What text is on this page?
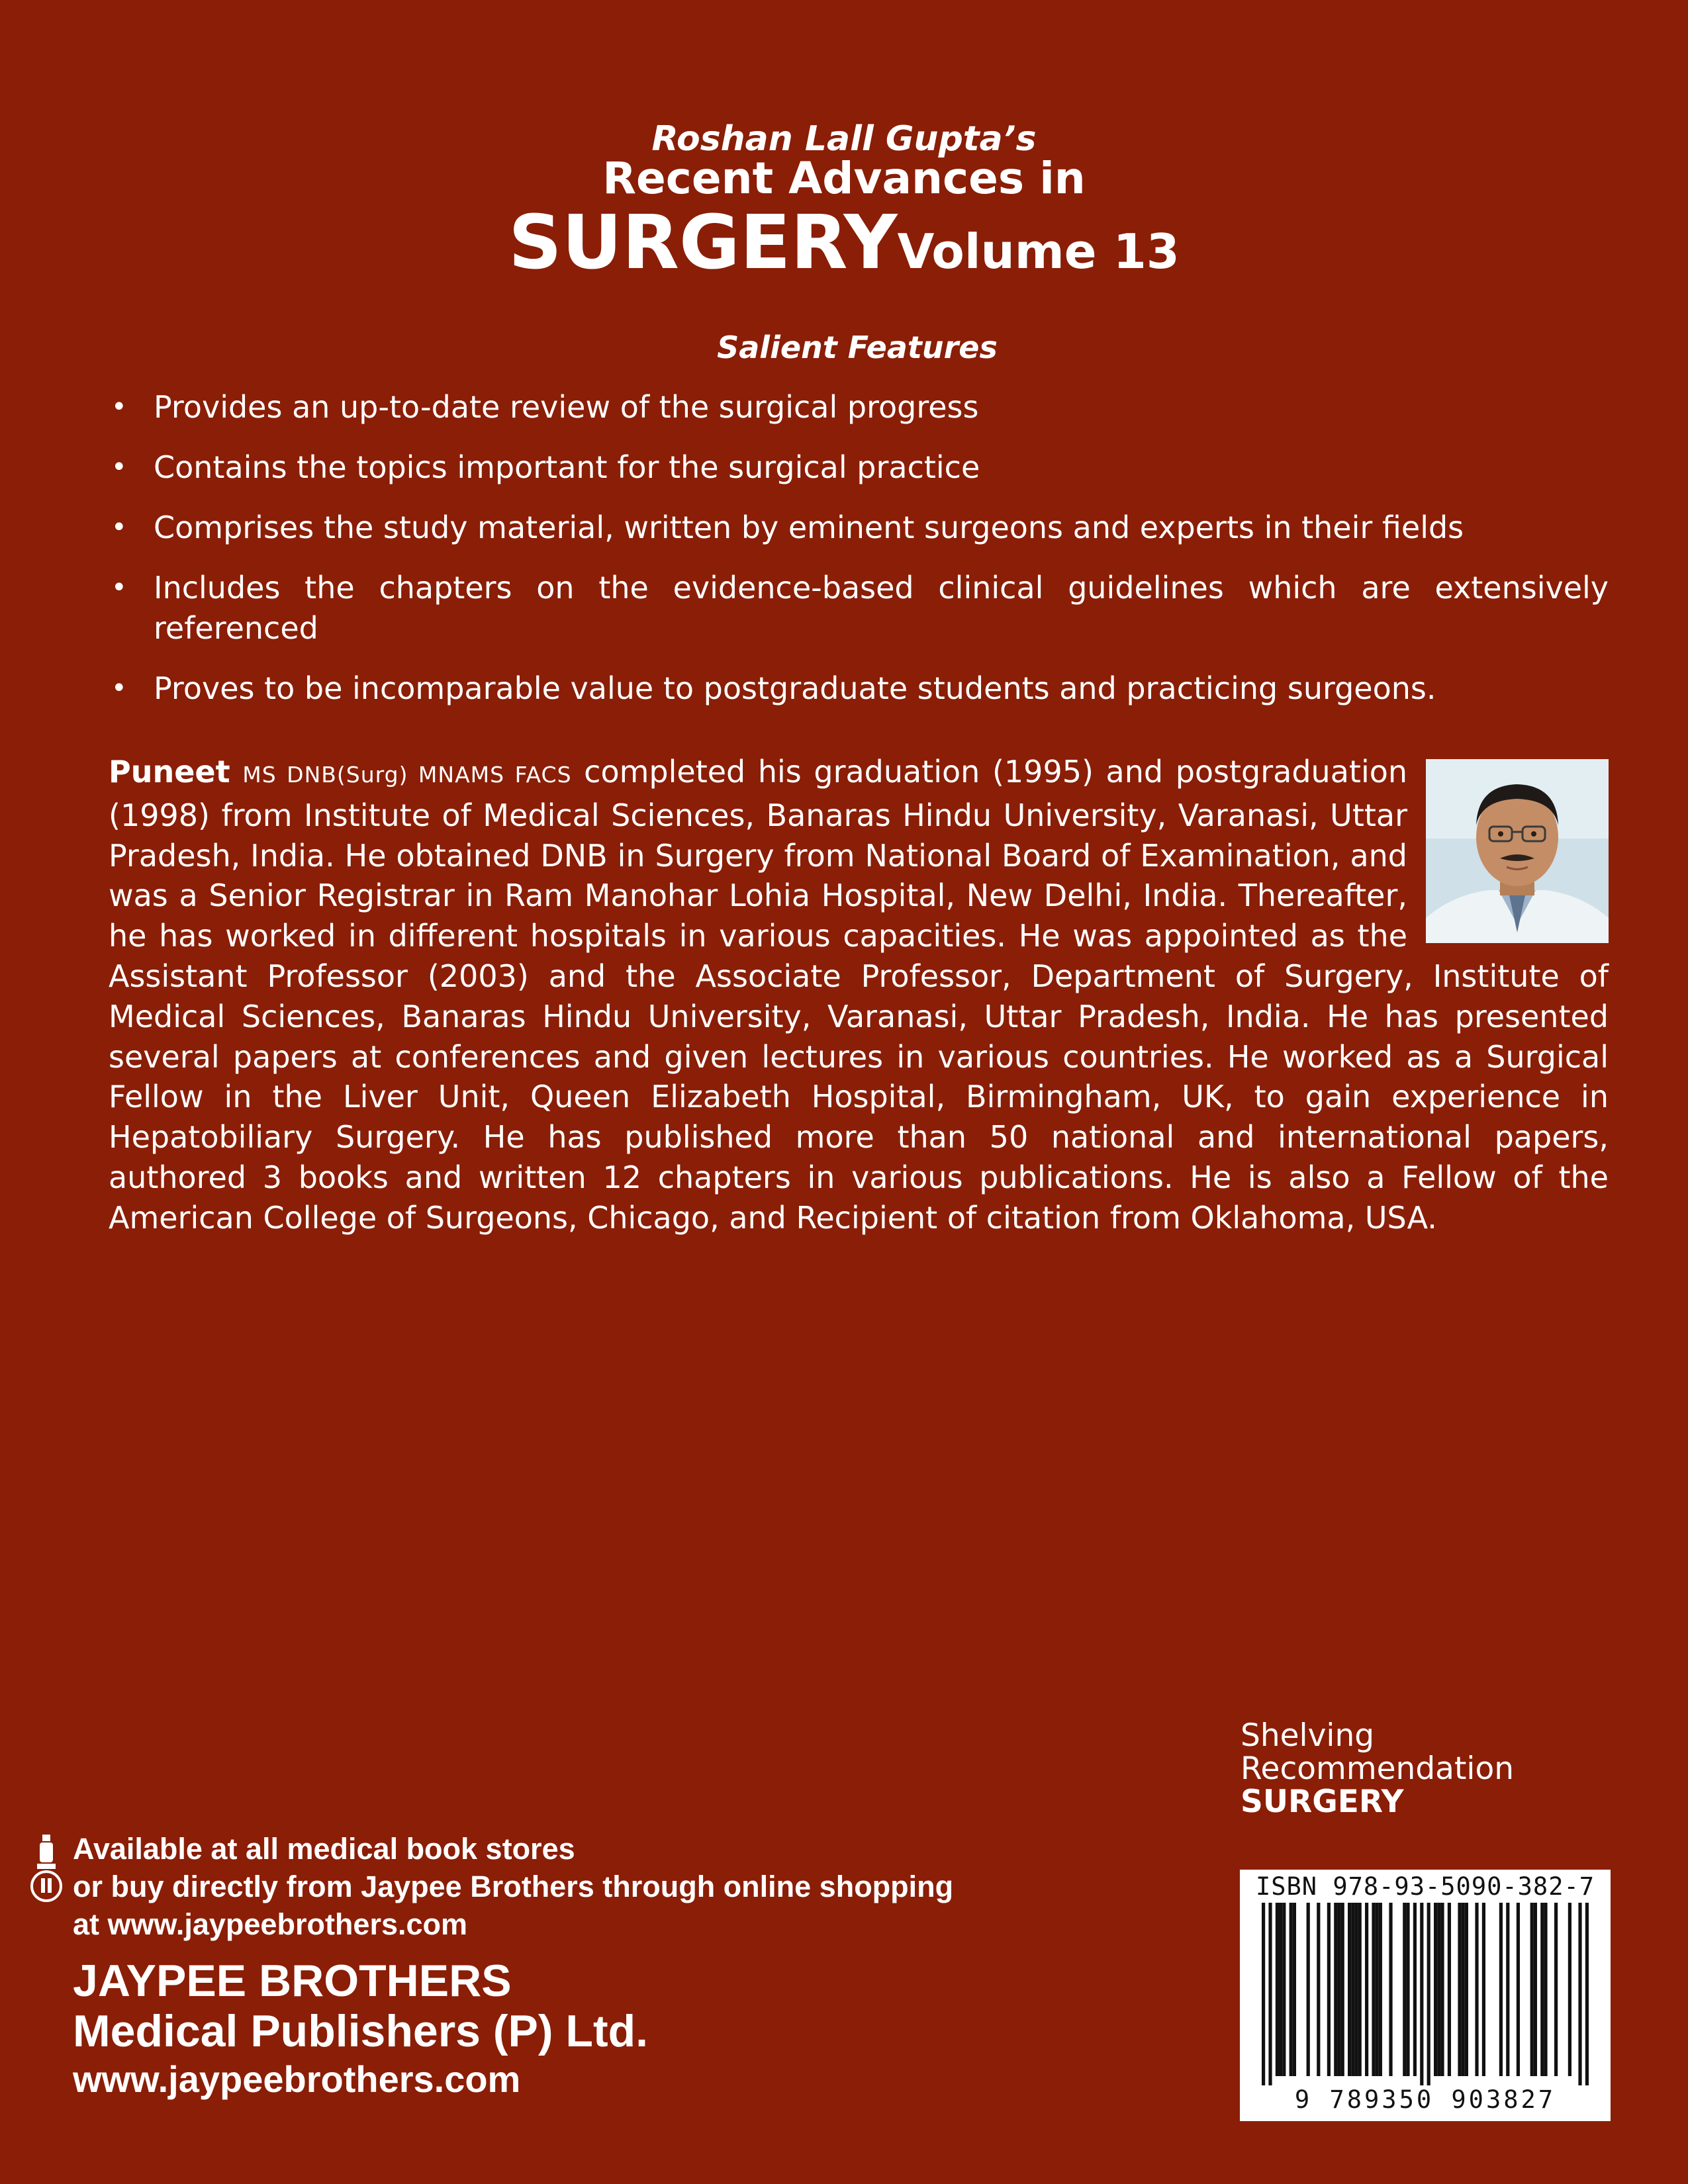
Roshan Lall Gupta’s
Recent Advances in
SURGERYVolume 13
Salient Features
• Provides an up-to-date review of the surgical progress
• Contains the topics important for the surgical practice
• Comprises the study material, written by eminent surgeons and experts in their fields
• Includes the chapters on the evidence-based clinical guidelines which are extensively referenced
• Proves to be incomparable value to postgraduate students and practicing surgeons.
Puneet MS DNB(Surg) MNAMS FACS completed his graduation (1995) and postgraduation (1998) from Institute of Medical Sciences, Banaras Hindu University, Varanasi, Uttar Pradesh, India. He obtained DNB in Surgery from National Board of Examination, and was a Senior Registrar in Ram Manohar Lohia Hospital, New Delhi, India. Thereafter, he has worked in different hospitals in various capacities. He was appointed as the Assistant Professor (2003) and the Associate Professor, Department of Surgery, Institute of Medical Sciences, Banaras Hindu University, Varanasi, Uttar Pradesh, India. He has presented several papers at conferences and given lectures in various countries. He worked as a Surgical Fellow in the Liver Unit, Queen Elizabeth Hospital, Birmingham, UK, to gain experience in Hepatobiliary Surgery. He has published more than 50 national and international papers, authored 3 books and written 12 chapters in various publications. He is also a Fellow of the American College of Surgeons, Chicago, and Recipient of citation from Oklahoma, USA.
Shelving
Recommendation
SURGERY
Available at all medical book stores
or buy directly from Jaypee Brothers through online shopping
at www.jaypeebrothers.com
JAYPEE BROTHERS
Medical Publishers (P) Ltd.
www.jaypeebrothers.com
ISBN 978-93-5090-382-7
9 789350 903827
